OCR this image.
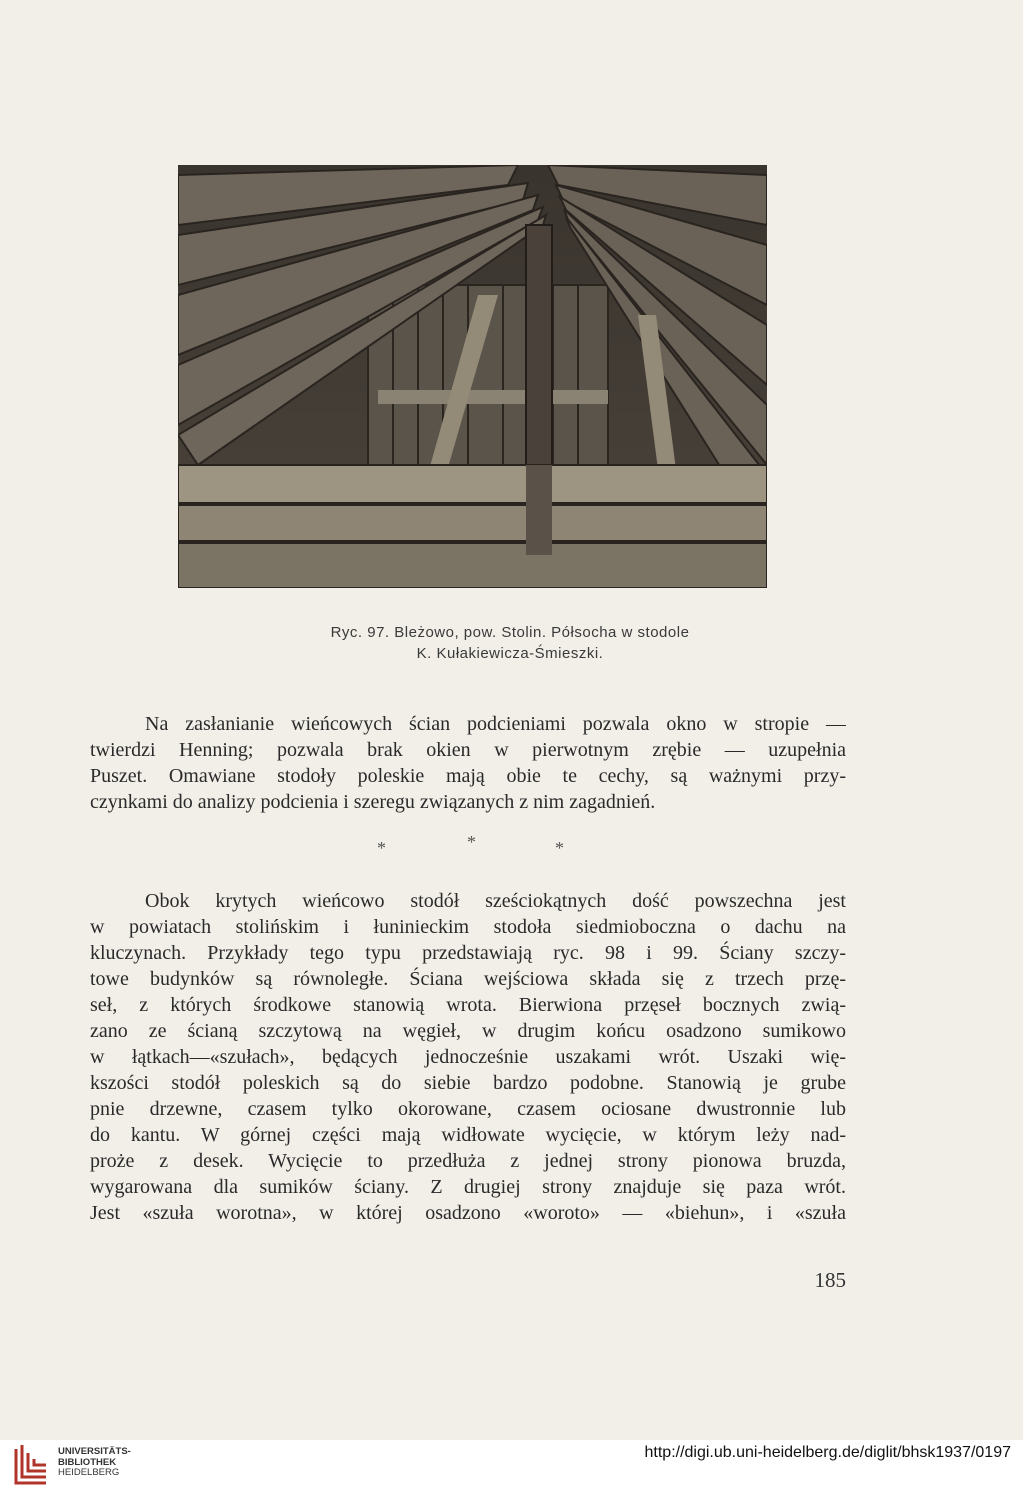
Ryc. 97. Bleżowo, pow. Stolin. Półsocha w stodole
K. Kułakiewicza-Śmieszki.
Na zasłanianie wieńcowych ścian podcieniami pozwala okno w stropie —
twierdzi Henning; pozwala brak okien w pierwotnym zrębie — uzupełnia
Puszet. Omawiane stodoły poleskie mają obie te cechy, są ważnymi przy-
czynkami do analizy podcienia i szeregu związanych z nim zagadnień.
*	*	*
Obok krytych wieńcowo stodół sześciokątnych dość powszechna jest
w powiatach stolińskim i łuninieckim stodoła siedmioboczna o dachu na
kluczynach. Przykłady tego typu przedstawiają ryc. 98 i 99. Ściany szczy-
towe budynków są równoległe. Ściana wejściowa składa się z trzech przę-
seł, z których środkowe stanowią wrota. Bierwiona przęseł bocznych zwią-
zano ze ścianą szczytową na węgieł, w drugim końcu osadzono sumikowo
w łątkach—«szułach», będących jednocześnie uszakami wrót. Uszaki wię-
kszości stodół poleskich są do siebie bardzo podobne. Stanowią je grube
pnie drzewne, czasem tylko okorowane, czasem ociosane dwustronnie lub
do kantu. W górnej części mają widłowate wycięcie, w którym leży nad-
proże z desek. Wycięcie to przedłuża z jednej strony pionowa bruzda,
wygarowana dla sumików ściany. Z drugiej strony znajduje się paza wrót.
Jest «szuła worotna», w której osadzono «woroto» — «biehun», i «szuła
185
UNIVERSITÄTS-
BIBLIOTHEK
HEIDELBERG
http://digi.ub.uni-heidelberg.de/diglit/bhsk1937/0197
